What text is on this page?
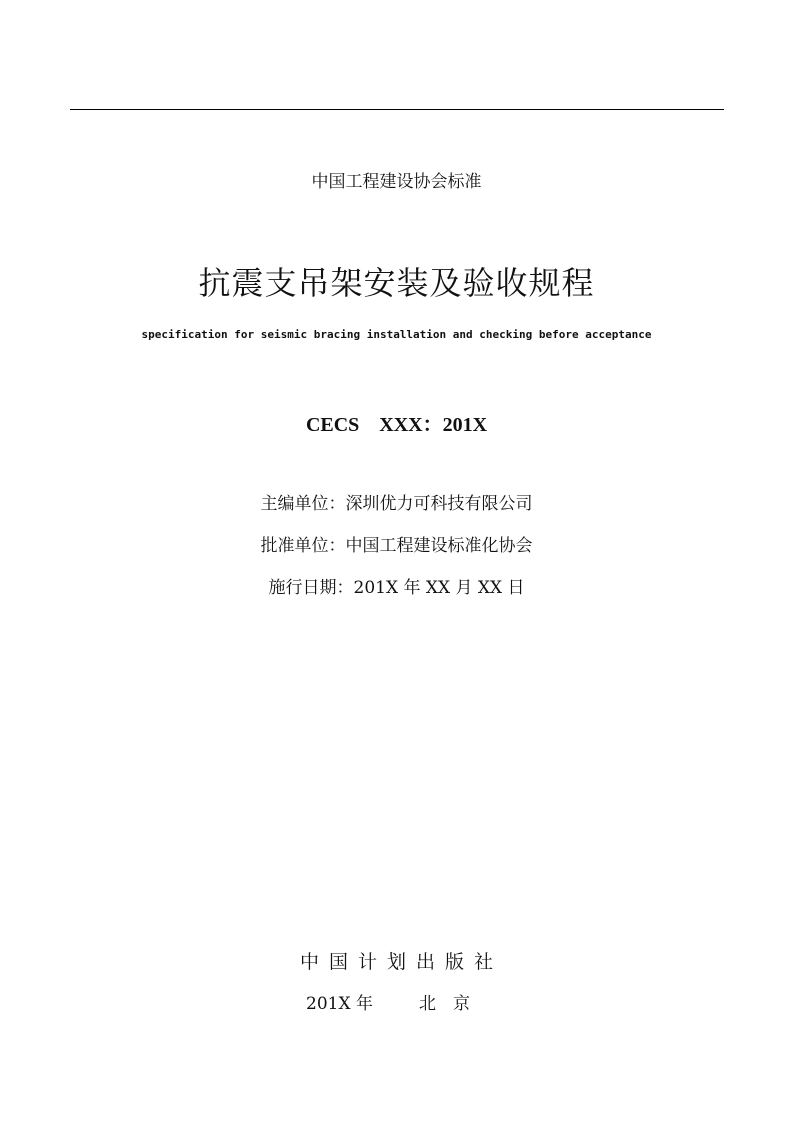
中国工程建设协会标准
抗震支吊架安装及验收规程
specification for seismic bracing installation and checking before acceptance
CECS　XXX：201X
主编单位：深圳优力可科技有限公司
批准单位：中国工程建设标准化协会
施行日期：201X 年 XX 月 XX 日
中国计划出版社
201X 年	北京
